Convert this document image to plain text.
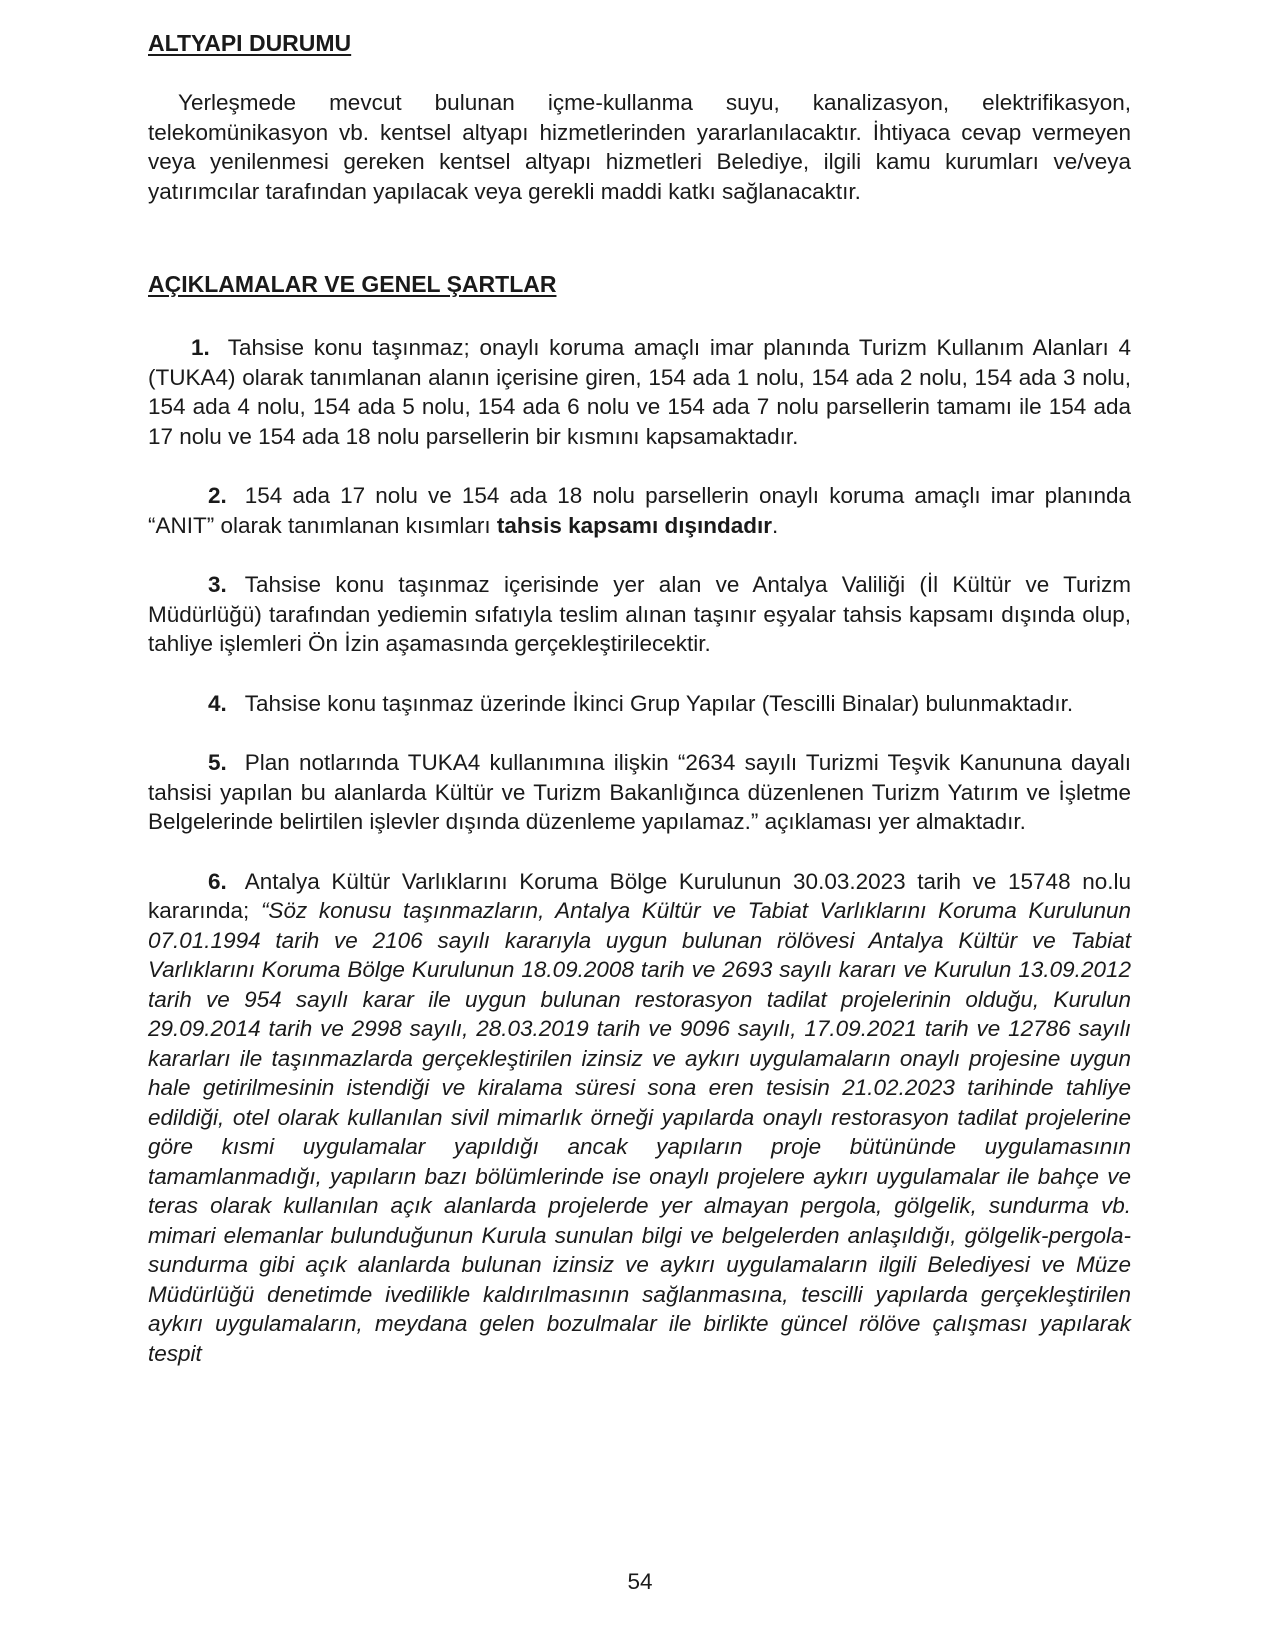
ALTYAPI DURUMU

Yerleşmede mevcut bulunan içme-kullanma suyu, kanalizasyon, elektrifikasyon, telekomünikasyon vb. kentsel altyapı hizmetlerinden yararlanılacaktır. İhtiyaca cevap vermeyen veya yenilenmesi gereken kentsel altyapı hizmetleri Belediye, ilgili kamu kurumları ve/veya yatırımcılar tarafından yapılacak veya gerekli maddi katkı sağlanacaktır.

AÇIKLAMALAR VE GENEL ŞARTLAR

1. Tahsise konu taşınmaz; onaylı koruma amaçlı imar planında Turizm Kullanım Alanları 4 (TUKA4) olarak tanımlanan alanın içerisine giren, 154 ada 1 nolu, 154 ada 2 nolu, 154 ada 3 nolu, 154 ada 4 nolu, 154 ada 5 nolu, 154 ada 6 nolu ve 154 ada 7 nolu parsellerin tamamı ile 154 ada 17 nolu ve 154 ada 18 nolu parsellerin bir kısmını kapsamaktadır.

2. 154 ada 17 nolu ve 154 ada 18 nolu parsellerin onaylı koruma amaçlı imar planında “ANIT” olarak tanımlanan kısımları tahsis kapsamı dışındadır.

3. Tahsise konu taşınmaz içerisinde yer alan ve Antalya Valiliği (İl Kültür ve Turizm Müdürlüğü) tarafından yediemin sıfatıyla teslim alınan taşınır eşyalar tahsis kapsamı dışında olup, tahliye işlemleri Ön İzin aşamasında gerçekleştirilecektir.

4. Tahsise konu taşınmaz üzerinde İkinci Grup Yapılar (Tescilli Binalar) bulunmaktadır.

5. Plan notlarında TUKA4 kullanımına ilişkin “2634 sayılı Turizmi Teşvik Kanununa dayalı tahsisi yapılan bu alanlarda Kültür ve Turizm Bakanlığınca düzenlenen Turizm Yatırım ve İşletme Belgelerinde belirtilen işlevler dışında düzenleme yapılamaz.” açıklaması yer almaktadır.

6. Antalya Kültür Varlıklarını Koruma Bölge Kurulunun 30.03.2023 tarih ve 15748 no.lu kararında; “Söz konusu taşınmazların, Antalya Kültür ve Tabiat Varlıklarını Koruma Kurulunun 07.01.1994 tarih ve 2106 sayılı kararıyla uygun bulunan rölövesi Antalya Kültür ve Tabiat Varlıklarını Koruma Bölge Kurulunun 18.09.2008 tarih ve 2693 sayılı kararı ve Kurulun 13.09.2012 tarih ve 954 sayılı karar ile uygun bulunan restorasyon tadilat projelerinin olduğu, Kurulun 29.09.2014 tarih ve 2998 sayılı, 28.03.2019 tarih ve 9096 sayılı, 17.09.2021 tarih ve 12786 sayılı kararları ile taşınmazlarda gerçekleştirilen izinsiz ve aykırı uygulamaların onaylı projesine uygun hale getirilmesinin istendiği ve kiralama süresi sona eren tesisin 21.02.2023 tarihinde tahliye edildiği, otel olarak kullanılan sivil mimarlık örneği yapılarda onaylı restorasyon tadilat projelerine göre kısmi uygulamalar yapıldığı ancak yapıların proje bütününde uygulamasının tamamlanmadığı, yapıların bazı bölümlerinde ise onaylı projelere aykırı uygulamalar ile bahçe ve teras olarak kullanılan açık alanlarda projelerde yer almayan pergola, gölgelik, sundurma vb. mimari elemanlar bulunduğunun Kurula sunulan bilgi ve belgelerden anlaşıldığı, gölgelik-pergola-sundurma gibi açık alanlarda bulunan izinsiz ve aykırı uygulamaların ilgili Belediyesi ve Müze Müdürlüğü denetimde ivedilikle kaldırılmasının sağlanmasına, tescilli yapılarda gerçekleştirilen aykırı uygulamaların, meydana gelen bozulmalar ile birlikte güncel rölöve çalışması yapılarak tespit

54
